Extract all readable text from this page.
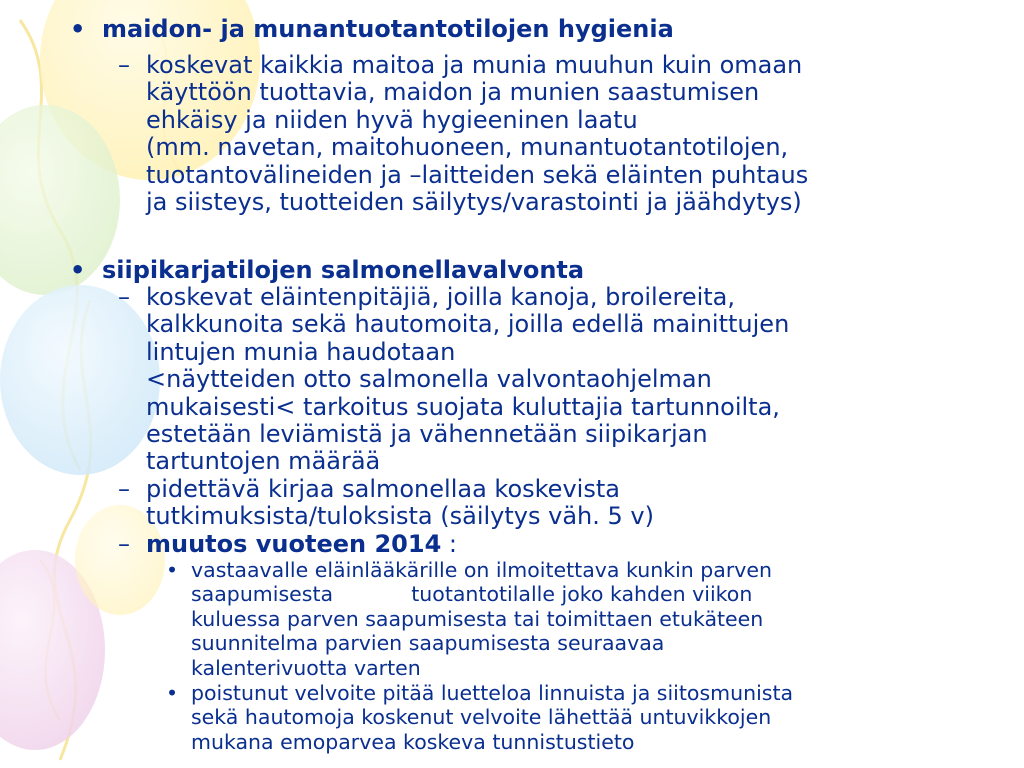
• maidon- ja munantuotantotilojen hygienia
– koskevat kaikkia maitoa ja munia muuhun kuin omaan
käyttöön tuottavia, maidon ja munien saastumisen
ehkäisy ja niiden hyvä hygieeninen laatu
(mm. navetan, maitohuoneen, munantuotantotilojen,
tuotantovälineiden ja –laitteiden sekä eläinten puhtaus
ja siisteys, tuotteiden säilytys/varastointi ja jäähdytys)
• siipikarjatilojen salmonellavalvonta
– koskevat eläintenpitäjiä, joilla kanoja, broilereita,
kalkkunoita sekä hautomoita, joilla edellä mainittujen
lintujen munia haudotaan
<näytteiden otto salmonella valvontaohjelman
mukaisesti< tarkoitus suojata kuluttajia tartunnoilta,
estetään leviämistä ja vähennetään siipikarjan
tartuntojen määrää
– pidettävä kirjaa salmonellaa koskevista
tutkimuksista/tuloksista (säilytys väh. 5 v)
– muutos vuoteen 2014 :
• vastaavalle eläinlääkärille on ilmoitettava kunkin parven
saapumisesta            tuotantotilalle joko kahden viikon
kuluessa parven saapumisesta tai toimittaen etukäteen
suunnitelma parvien saapumisesta seuraavaa
kalenterivuotta varten
• poistunut velvoite pitää luetteloa linnuista ja siitosmunista
sekä hautomoja koskenut velvoite lähettää untuvikkojen
mukana emoparvea koskeva tunnistustieto
